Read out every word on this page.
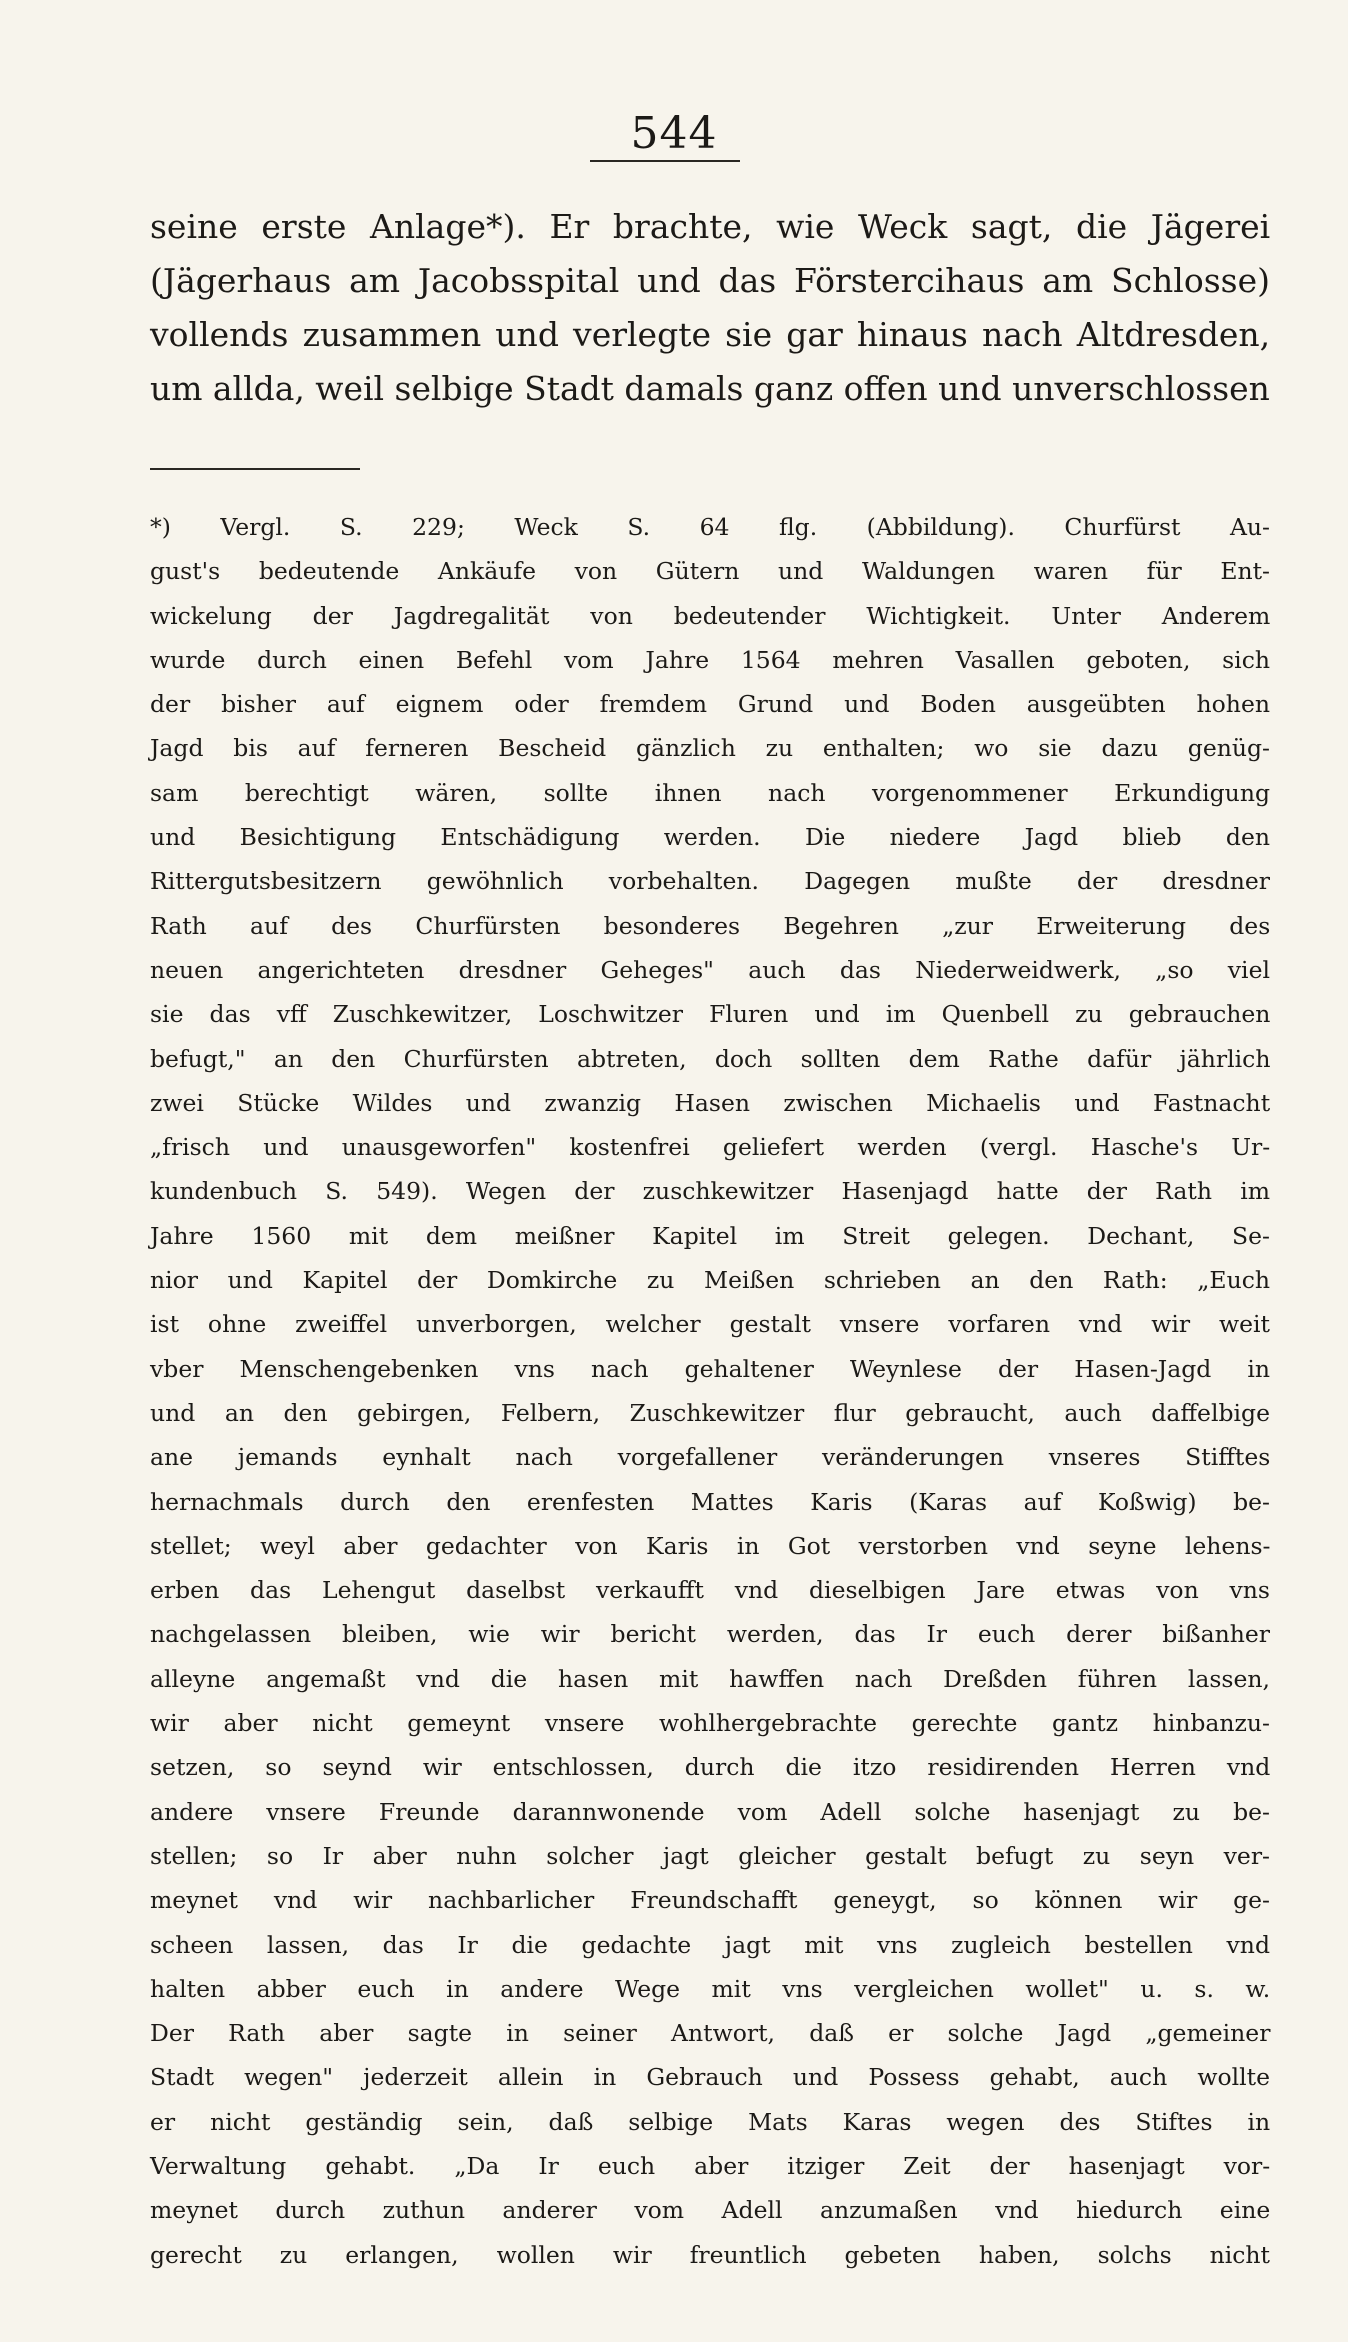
544
seine erste Anlage*). Er brachte, wie Weck sagt, die Jägerei
(Jägerhaus am Jacobsspital und das Förstercihaus am Schlosse)
vollends zusammen und verlegte sie gar hinaus nach Altdresden,
um allda, weil selbige Stadt damals ganz offen und unverschlossen
*) Vergl. S. 229; Weck S. 64 flg. (Abbildung). Churfürst Au-
gust's bedeutende Ankäufe von Gütern und Waldungen waren für Ent-
wickelung der Jagdregalität von bedeutender Wichtigkeit. Unter Anderem
wurde durch einen Befehl vom Jahre 1564 mehren Vasallen geboten, sich
der bisher auf eignem oder fremdem Grund und Boden ausgeübten hohen
Jagd bis auf ferneren Bescheid gänzlich zu enthalten; wo sie dazu genüg-
sam berechtigt wären, sollte ihnen nach vorgenommener Erkundigung
und Besichtigung Entschädigung werden. Die niedere Jagd blieb den
Rittergutsbesitzern gewöhnlich vorbehalten. Dagegen mußte der dresdner
Rath auf des Churfürsten besonderes Begehren „zur Erweiterung des
neuen angerichteten dresdner Geheges" auch das Niederweidwerk, „so viel
sie das vff Zuschkewitzer, Loschwitzer Fluren und im Quenbell zu gebrauchen
befugt," an den Churfürsten abtreten, doch sollten dem Rathe dafür jährlich
zwei Stücke Wildes und zwanzig Hasen zwischen Michaelis und Fastnacht
„frisch und unausgeworfen" kostenfrei geliefert werden (vergl. Hasche's Ur-
kundenbuch S. 549). Wegen der zuschkewitzer Hasenjagd hatte der Rath im
Jahre 1560 mit dem meißner Kapitel im Streit gelegen. Dechant, Se-
nior und Kapitel der Domkirche zu Meißen schrieben an den Rath: „Euch
ist ohne zweiffel unverborgen, welcher gestalt vnsere vorfaren vnd wir weit
vber Menschengebenken vns nach gehaltener Weynlese der Hasen-Jagd in
und an den gebirgen, Felbern, Zuschkewitzer flur gebraucht, auch daffelbige
ane jemands eynhalt nach vorgefallener veränderungen vnseres Stifftes
hernachmals durch den erenfesten Mattes Karis (Karas auf Koßwig) be-
stellet; weyl aber gedachter von Karis in Got verstorben vnd seyne lehens-
erben das Lehengut daselbst verkaufft vnd dieselbigen Jare etwas von vns
nachgelassen bleiben, wie wir bericht werden, das Ir euch derer bißanher
alleyne angemaßt vnd die hasen mit hawffen nach Dreßden führen lassen,
wir aber nicht gemeynt vnsere wohlhergebrachte gerechte gantz hinbanzu-
setzen, so seynd wir entschlossen, durch die itzo residirenden Herren vnd
andere vnsere Freunde darannwonende vom Adell solche hasenjagt zu be-
stellen; so Ir aber nuhn solcher jagt gleicher gestalt befugt zu seyn ver-
meynet vnd wir nachbarlicher Freundschafft geneygt, so können wir ge-
scheen lassen, das Ir die gedachte jagt mit vns zugleich bestellen vnd
halten abber euch in andere Wege mit vns vergleichen wollet" u. s. w.
Der Rath aber sagte in seiner Antwort, daß er solche Jagd „gemeiner
Stadt wegen" jederzeit allein in Gebrauch und Possess gehabt, auch wollte
er nicht geständig sein, daß selbige Mats Karas wegen des Stiftes in
Verwaltung gehabt. „Da Ir euch aber itziger Zeit der hasenjagt vor-
meynet durch zuthun anderer vom Adell anzumaßen vnd hiedurch eine
gerecht zu erlangen, wollen wir freuntlich gebeten haben, solchs nicht
